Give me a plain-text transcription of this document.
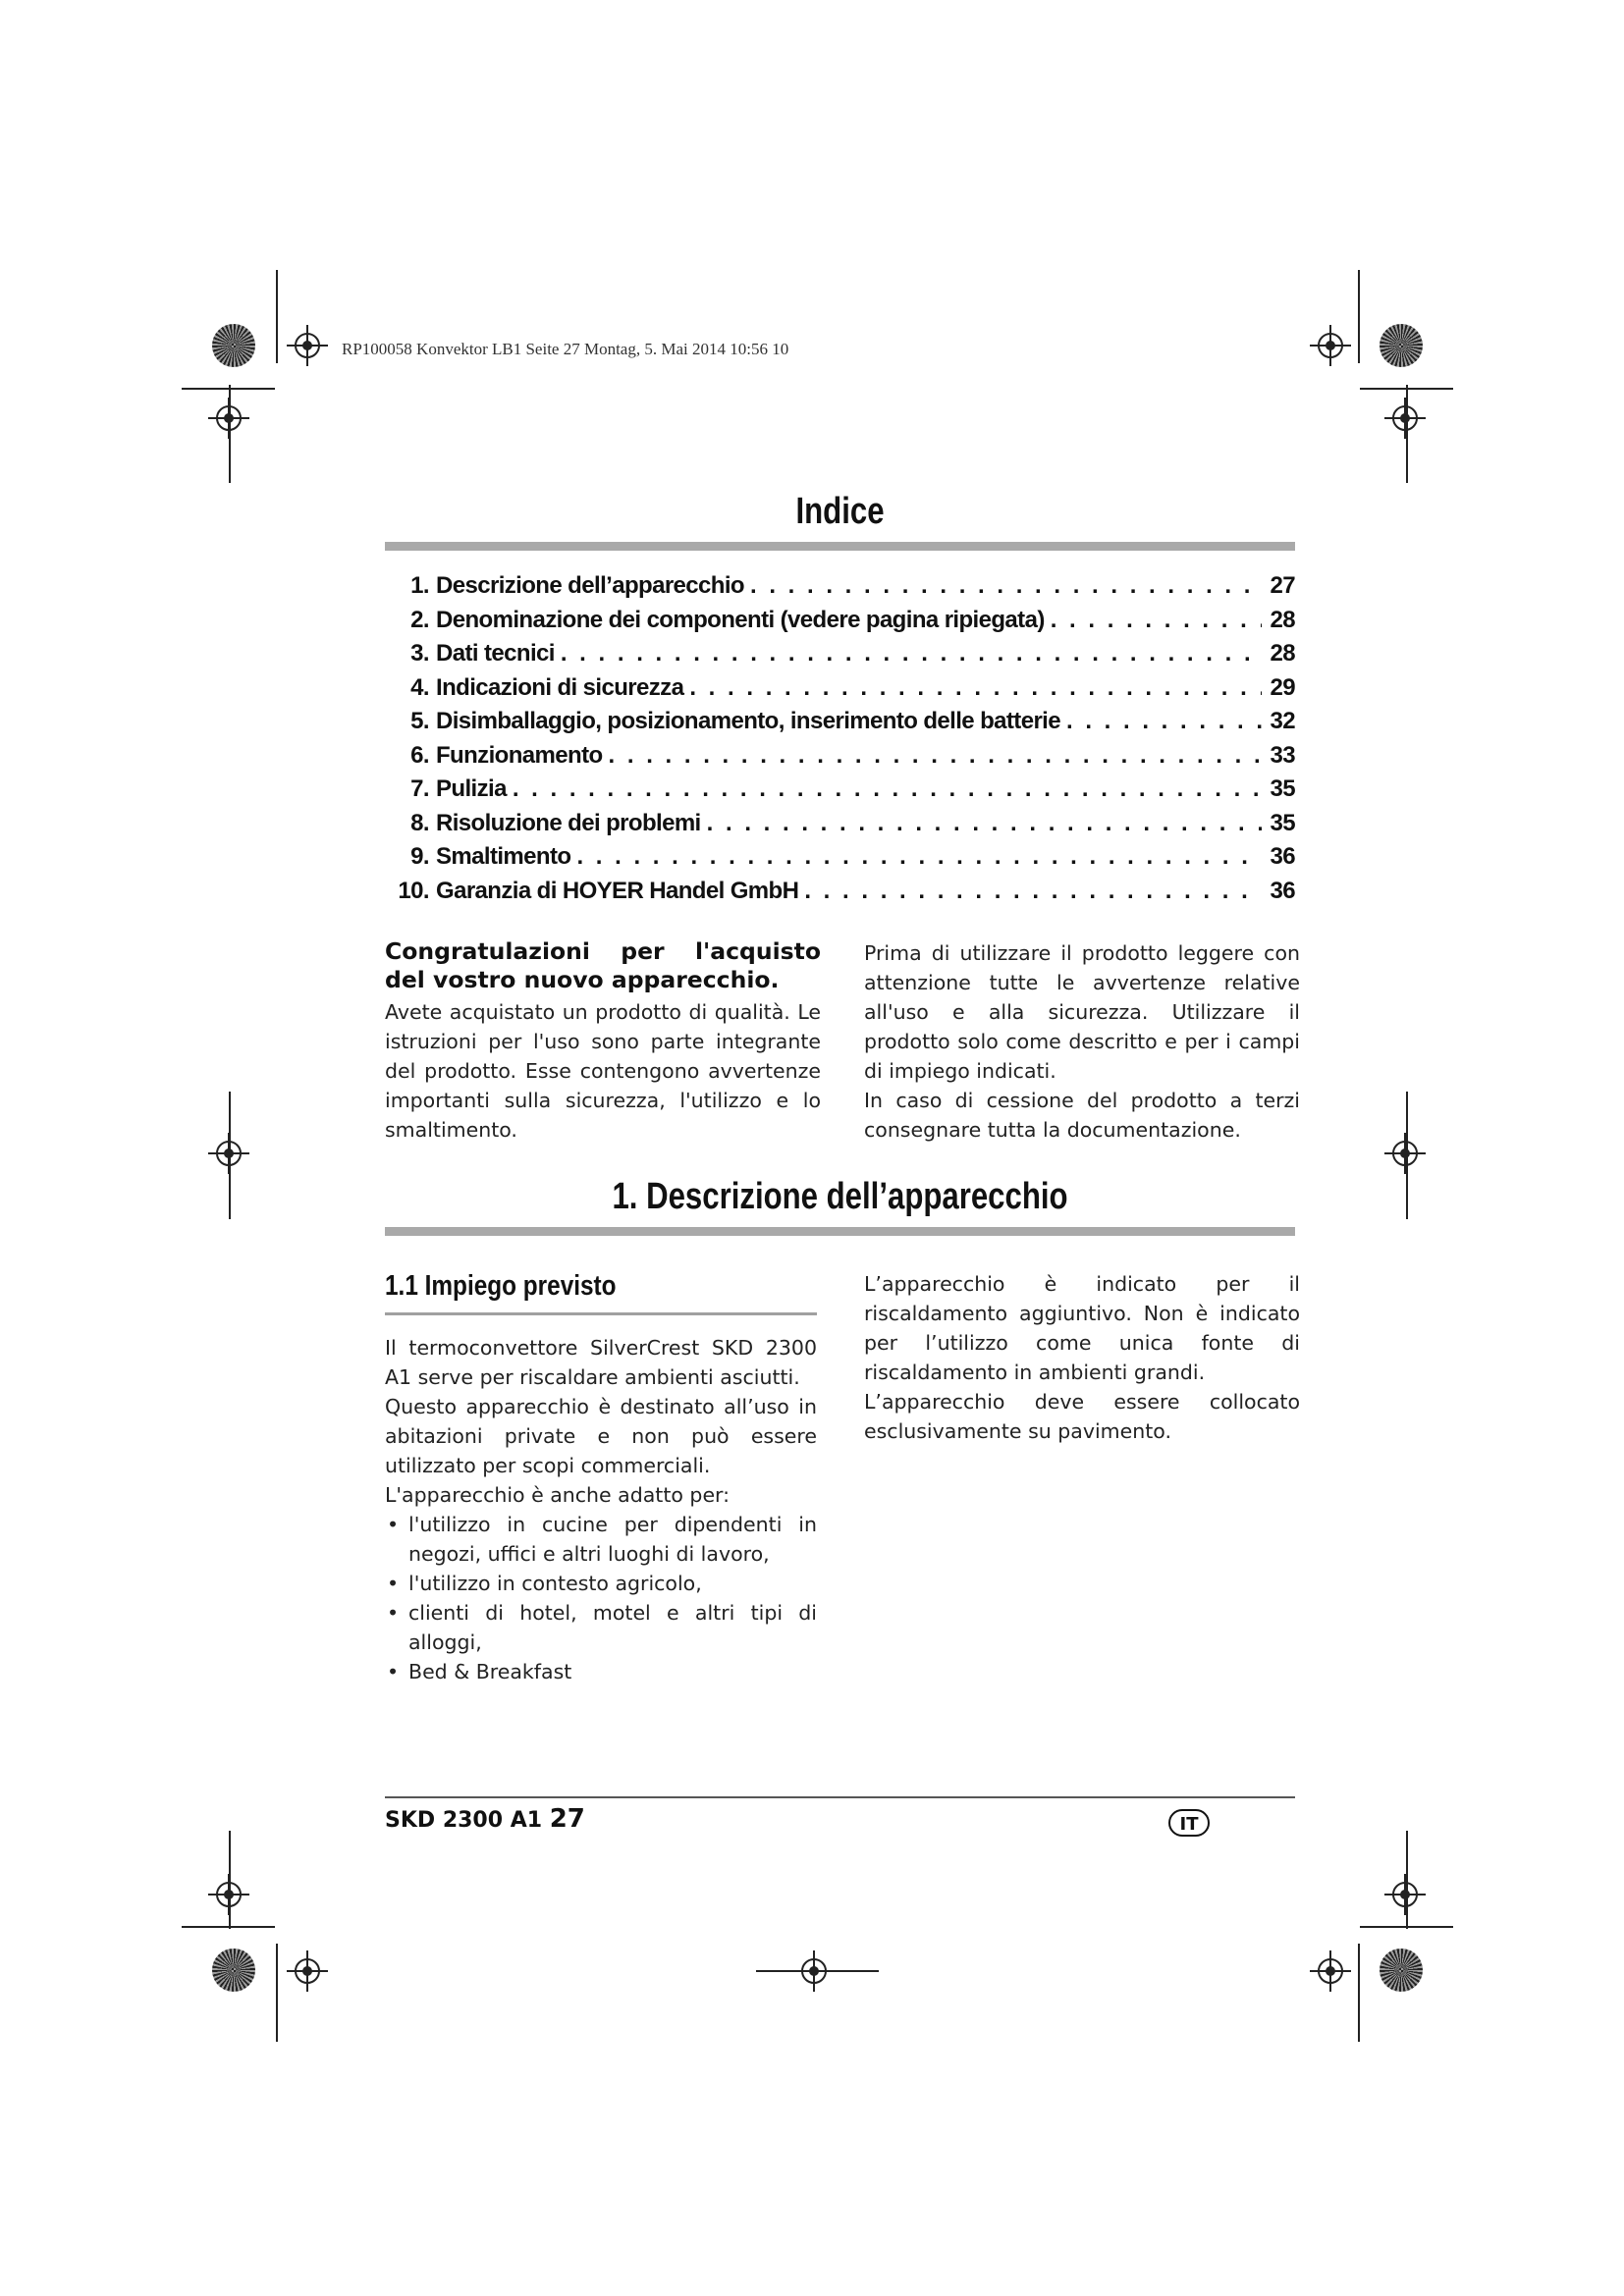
RP100058 Konvektor LB1 Seite 27 Montag, 5. Mai 2014 10:56 10
Indice
1. Descrizione dell’apparecchio . . .	27
2. Denominazione dei componenti (vedere pagina ripiegata) . . .	28
3. Dati tecnici . . .	28
4. Indicazioni di sicurezza . . .	29
5. Disimballaggio, posizionamento, inserimento delle batterie . . .	32
6. Funzionamento . . .	33
7. Pulizia . . .	35
8. Risoluzione dei problemi . . .	35
9. Smaltimento . . .	36
10. Garanzia di HOYER Handel GmbH . . .	36

Congratulazioni per l'acquisto del vostro nuovo apparecchio.

Avete acquistato un prodotto di qualità. Le istruzioni per l'uso sono parte integrante del prodotto. Esse contengono avvertenze importanti sulla sicurezza, l'utilizzo e lo smaltimento.

Prima di utilizzare il prodotto leggere con attenzione tutte le avvertenze relative all'uso e alla sicurezza. Utilizzare il prodotto solo come descritto e per i campi di impiego indicati.

In caso di cessione del prodotto a terzi consegnare tutta la documentazione.

1. Descrizione dell’apparecchio
1.1 Impiego previsto

Il termoconvettore SilverCrest SKD 2300 A1 serve per riscaldare ambienti asciutti.

Questo apparecchio è destinato all’uso in abitazioni private e non può essere utilizzato per scopi commerciali.

L'apparecchio è anche adatto per:

• l'utilizzo in cucine per dipendenti in negozi, uffici e altri luoghi di lavoro,
• l'utilizzo in contesto agricolo,
• clienti di hotel, motel e altri tipi di alloggi,
• Bed & Breakfast

L’apparecchio è indicato per il riscaldamento aggiuntivo. Non è indicato per l’utilizzo come unica fonte di riscaldamento in ambienti grandi.

L’apparecchio deve essere collocato esclusivamente su pavimento.

SKD 2300 A1 27	IT
